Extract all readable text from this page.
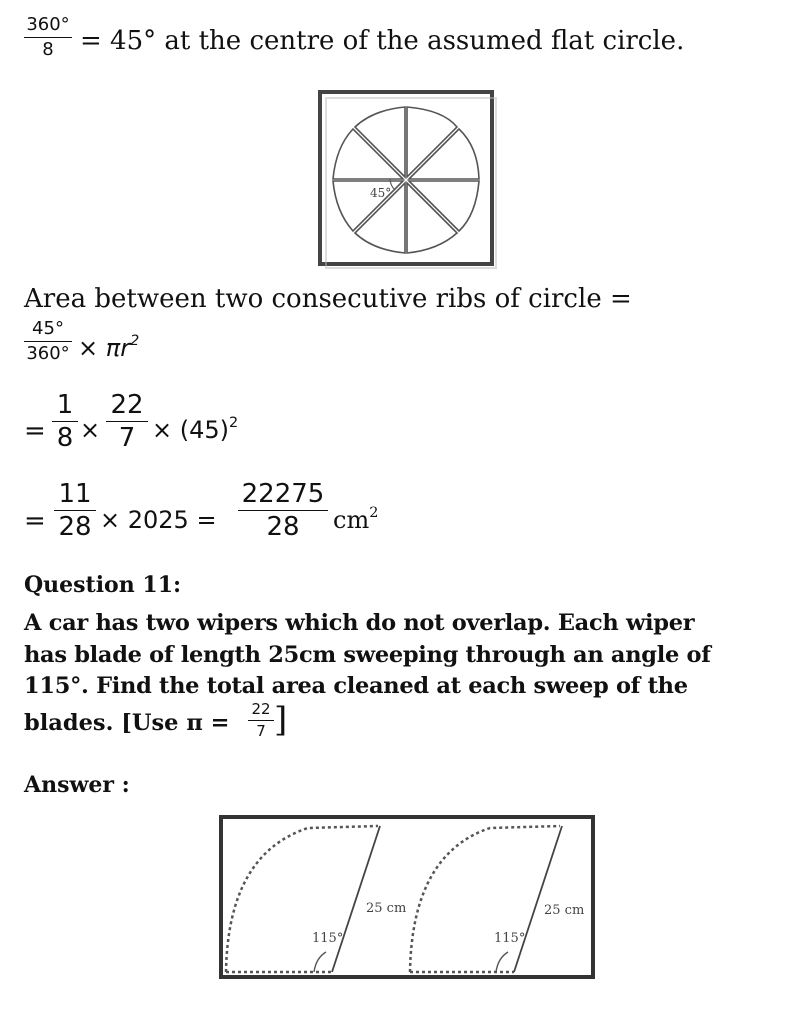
360°
8 = 45° at the centre of the assumed flat circle.
45°
Area between two consecutive ribs of circle =
45°
$360^\circ \times \pi r^2$
=
1
8 ×
22
$7 \times (45)^2$
=
11
28 × 2025 =
22275
28 $cm^2$
Question 11:
A car has two wipers which do not overlap. Each wiper
has blade of length 25cm sweeping through an angle of
115°. Find the total area cleaned at each sweep of the
blades. [Use π =
22
7 ]
Answer :
25 cm
115°
25 cm
115°
